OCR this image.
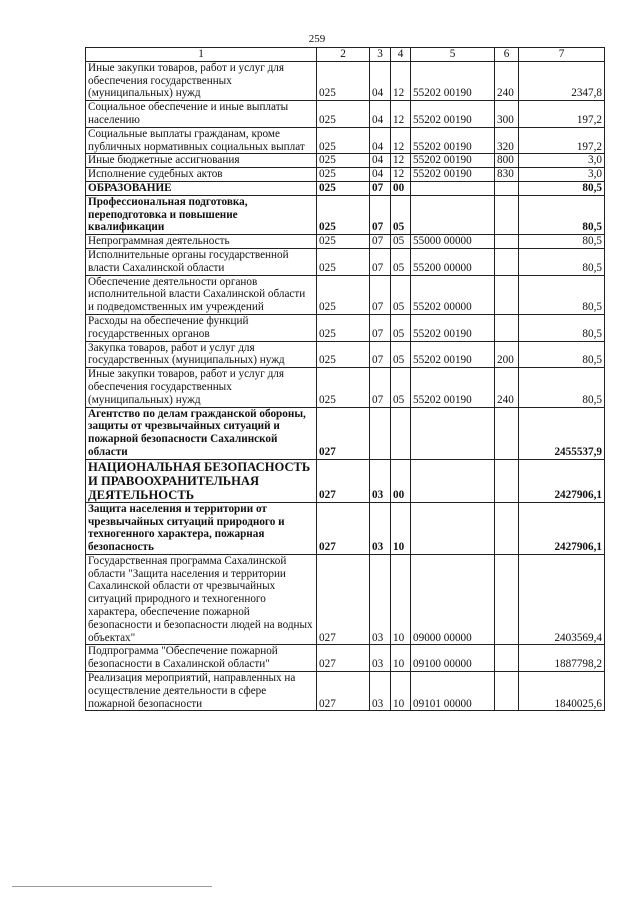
259
1	2	3	4	5	6	7
Иные закупки товаров, работ и услуг для обеспечения государственных (муниципальных) нужд	025	04	12	55202 00190	240	2347,8
Социальное обеспечение и иные выплаты населению	025	04	12	55202 00190	300	197,2
Социальные выплаты гражданам, кроме публичных нормативных социальных выплат	025	04	12	55202 00190	320	197,2
Иные бюджетные ассигнования	025	04	12	55202 00190	800	3,0
Исполнение судебных актов	025	04	12	55202 00190	830	3,0
ОБРАЗОВАНИЕ	025	07	00			80,5
Профессиональная подготовка, переподготовка и повышение квалификации	025	07	05			80,5
Непрограммная деятельность	025	07	05	55000 00000		80,5
Исполнительные органы государственной власти Сахалинской области	025	07	05	55200 00000		80,5
Обеспечение деятельности органов исполнительной власти Сахалинской области и подведомственных им учреждений	025	07	05	55202 00000		80,5
Расходы на обеспечение функций государственных органов	025	07	05	55202 00190		80,5
Закупка товаров, работ и услуг для государственных (муниципальных) нужд	025	07	05	55202 00190	200	80,5
Иные закупки товаров, работ и услуг для обеспечения государственных (муниципальных) нужд	025	07	05	55202 00190	240	80,5
Агентство по делам гражданской обороны, защиты от чрезвычайных ситуаций и пожарной безопасности Сахалинской области	027					2455537,9
НАЦИОНАЛЬНАЯ БЕЗОПАСНОСТЬ И ПРАВООХРАНИТЕЛЬНАЯ ДЕЯТЕЛЬНОСТЬ	027	03	00			2427906,1
Защита населения и территории от чрезвычайных ситуаций природного и техногенного характера, пожарная безопасность	027	03	10			2427906,1
Государственная программа Сахалинской области "Защита населения и территории Сахалинской области от чрезвычайных ситуаций природного и техногенного характера, обеспечение пожарной безопасности и безопасности людей на водных объектах"	027	03	10	09000 00000		2403569,4
Подпрограмма "Обеспечение пожарной безопасности в Сахалинской области"	027	03	10	09100 00000		1887798,2
Реализация мероприятий, направленных на осуществление деятельности в сфере пожарной безопасности	027	03	10	09101 00000		1840025,6
